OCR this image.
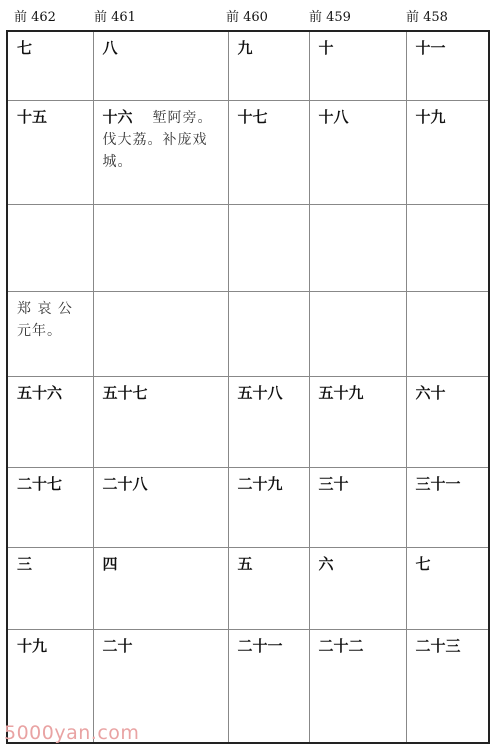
前 462	前 461	前 460	前 459	前 458
七	八	九	十	十一
十五	十六 堑阿旁。伐大荔。补庞戏城。	十七	十八	十九

郑 哀 公元年。				

五十六	五十七	五十八	五十九	六十
二十七	二十八	二十九	三十	三十一
三	四	五	六	七
十九	二十	二十一	二十二	二十三
5000yan.com
